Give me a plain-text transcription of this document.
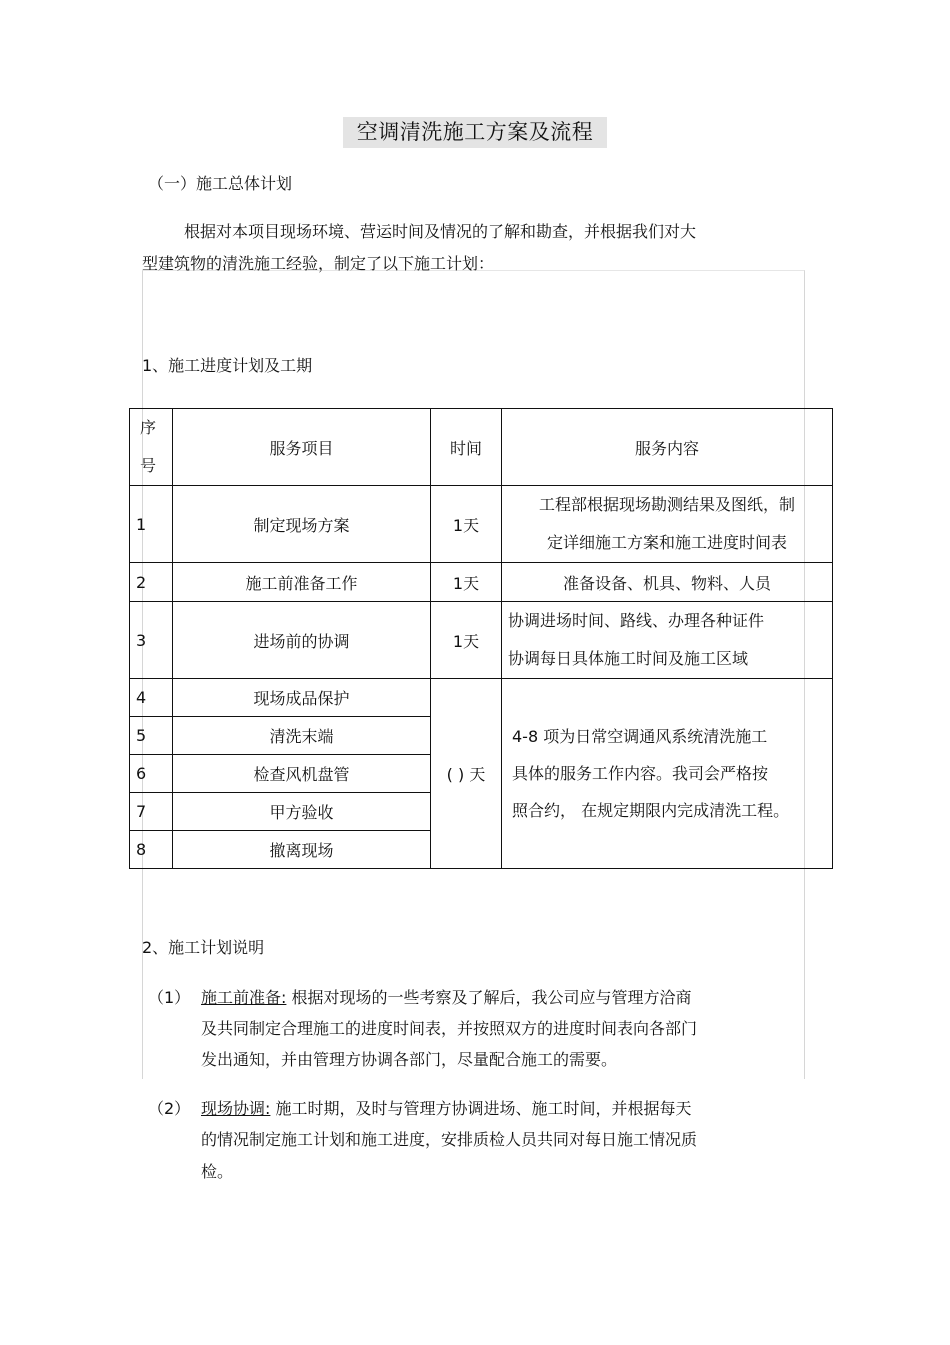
空调清洗施工方案及流程
（一）施工总体计划
根据对本项目现场环境、营运时间及情况的了解和勘查，并根据我们对大
型建筑物的清洗施工经验，制定了以下施工计划：
1、施工进度计划及工期
序
号	服务项目	时间	服务内容
1	制定现场方案	1天	工程部根据现场勘测结果及图纸，制
定详细施工方案和施工进度时间表

2	施工前准备工作	1天	准备设备、机具、物料、人员
3	进场前的协调	1天	协调进场时间、路线、办理各种证件
协调每日具体施工时间及施工区域

4	现场成品保护	( ) 天	4-8 项为日常空调通风系统清洗施工
具体的服务工作内容。我司会严格按
照合约， 在规定期限内完成清洗工程。

5	清洗末端		
6	检查风机盘管		
7	甲方验收		
8	撤离现场		
2、施工计划说明
（1） 施工前准备: 根据对现场的一些考察及了解后，我公司应与管理方洽商
及共同制定合理施工的进度时间表，并按照双方的进度时间表向各部门
发出通知，并由管理方协调各部门，尽量配合施工的需要。
（2） 现场协调: 施工时期，及时与管理方协调进场、施工时间，并根据每天
的情况制定施工计划和施工进度，安排质检人员共同对每日施工情况质
检。
